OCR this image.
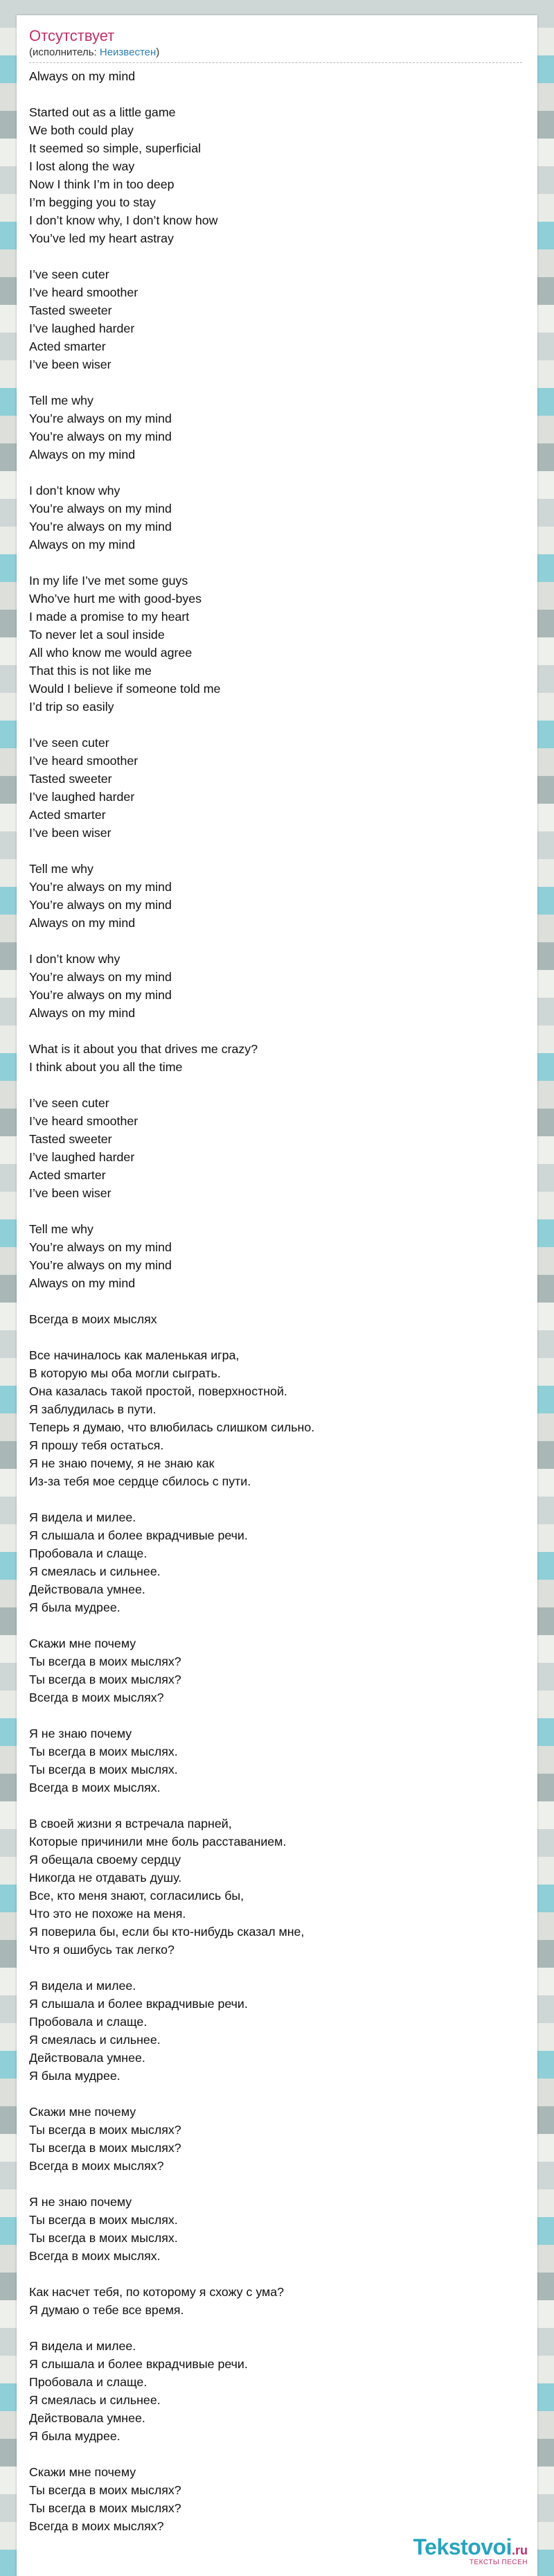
Отсутствует
(исполнитель: Неизвестен)
Always on my mind
Started out as a little game
We both could play
It seemed so simple, superficial
I lost along the way
Now I think I’m in too deep
I’m begging you to stay
I don’t know why, I don’t know how
You’ve led my heart astray
I’ve seen cuter
I’ve heard smoother
Tasted sweeter
I’ve laughed harder
Acted smarter
I’ve been wiser
Tell me why
You’re always on my mind
You’re always on my mind
Always on my mind
I don’t know why
You’re always on my mind
You’re always on my mind
Always on my mind
In my life I’ve met some guys
Who’ve hurt me with good-byes
I made a promise to my heart
To never let a soul inside
All who know me would agree
That this is not like me
Would I believe if someone told me
I’d trip so easily
I’ve seen cuter
I’ve heard smoother
Tasted sweeter
I’ve laughed harder
Acted smarter
I’ve been wiser
Tell me why
You’re always on my mind
You’re always on my mind
Always on my mind
I don’t know why
You’re always on my mind
You’re always on my mind
Always on my mind
What is it about you that drives me crazy?
I think about you all the time
I’ve seen cuter
I’ve heard smoother
Tasted sweeter
I’ve laughed harder
Acted smarter
I’ve been wiser
Tell me why
You’re always on my mind
You’re always on my mind
Always on my mind
Всегда в моих мыслях
Все начиналось как маленькая игра,
В которую мы оба могли сыграть.
Она казалась такой простой, поверхностной.
Я заблудилась в пути.
Теперь я думаю, что влюбилась слишком сильно.
Я прошу тебя остаться.
Я не знаю почему, я не знаю как
Из-за тебя мое сердце сбилось с пути.
Я видела и милее.
Я слышала и более вкрадчивые речи.
Пробовала и слаще.
Я смеялась и сильнее.
Действовала умнее.
Я была мудрее.
Скажи мне почему
Ты всегда в моих мыслях?
Ты всегда в моих мыслях?
Всегда в моих мыслях?
Я не знаю почему
Ты всегда в моих мыслях.
Ты всегда в моих мыслях.
Всегда в моих мыслях.
В своей жизни я встречала парней,
Которые причинили мне боль расставанием.
Я обещала своему сердцу
Никогда не отдавать душу.
Все, кто меня знают, согласились бы,
Что это не похоже на меня.
Я поверила бы, если бы кто-нибудь сказал мне,
Что я ошибусь так легко?
Я видела и милее.
Я слышала и более вкрадчивые речи.
Пробовала и слаще.
Я смеялась и сильнее.
Действовала умнее.
Я была мудрее.
Скажи мне почему
Ты всегда в моих мыслях?
Ты всегда в моих мыслях?
Всегда в моих мыслях?
Я не знаю почему
Ты всегда в моих мыслях.
Ты всегда в моих мыслях.
Всегда в моих мыслях.
Как насчет тебя, по которому я схожу с ума?
Я думаю о тебе все время.
Я видела и милее.
Я слышала и более вкрадчивые речи.
Пробовала и слаще.
Я смеялась и сильнее.
Действовала умнее.
Я была мудрее.
Скажи мне почему
Ты всегда в моих мыслях?
Ты всегда в моих мыслях?
Всегда в моих мыслях?
Tekstovoi.ru
ТЕКСТЫ ПЕСЕН
